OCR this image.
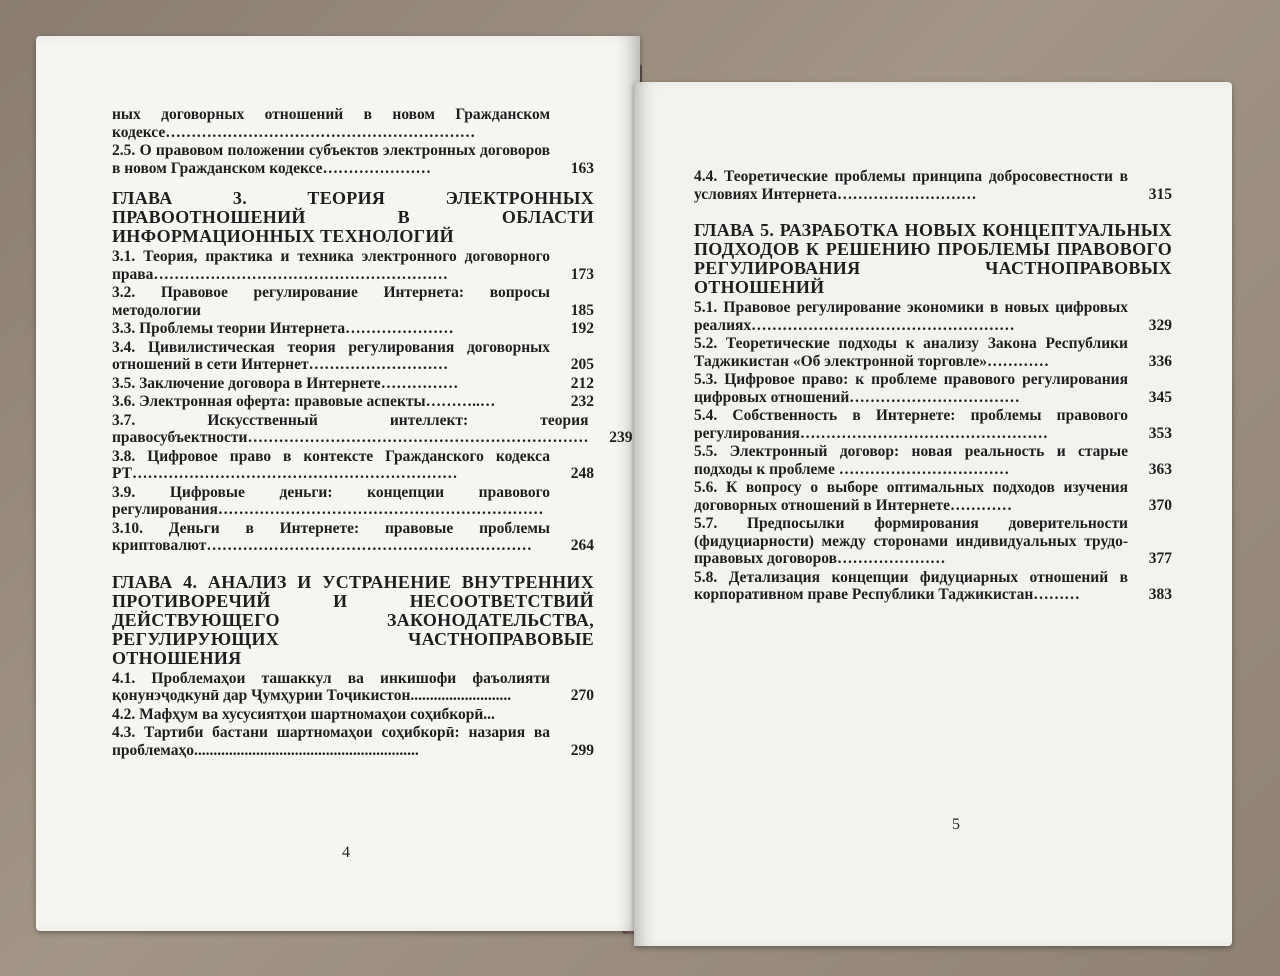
ных договорных отношений в новом Гражданском кодексе……………………………………………………
2.5. О правовом положении субъектов электронных договоров в новом Гражданском кодексе…………………	163
ГЛАВА 3. ТЕОРИЯ ЭЛЕКТРОННЫХ ПРАВООТНОШЕНИЙ В ОБЛАСТИ ИНФОРМАЦИОННЫХ ТЕХНОЛОГИЙ
3.1. Теория, практика и техника электронного договорного права…………………………………………………	173
3.2. Правовое регулирование Интернета: вопросы методологии	185
3.3. Проблемы теории Интернета…………………	192
3.4. Цивилистическая теория регулирования договорных отношений в сети Интернет………………………	205
3.5. Заключение договора в Интернете……………	212
3.6. Электронная оферта: правовые аспекты………..…	232
3.7. Искусственный интеллект: теория правосубъектности…………………………………………………………	239
3.8. Цифровое право в контексте Гражданского кодекса РТ………………………………………………………	248
3.9. Цифровые деньги: концепции правового регулирования………………………………………………………
3.10. Деньги в Интернете: правовые проблемы криптовалют………………………………………………………	264
ГЛАВА 4. АНАЛИЗ И УСТРАНЕНИЕ ВНУТРЕННИХ ПРОТИВОРЕЧИЙ И НЕСООТВЕТСТВИЙ ДЕЙСТВУЮЩЕГО ЗАКОНОДАТЕЛЬСТВА, РЕГУЛИРУЮЩИХ ЧАСТНОПРАВОВЫЕ ОТНОШЕНИЯ
4.1. Проблемаҳои ташаккул ва инкишофи фаъолияти қонунэҷодкунӣ дар Ҷумҳурии Тоҷикистон..........................	270
4.2. Мафҳум ва хусусиятҳои шартномаҳои соҳибкорӣ...
4.3. Тартиби бастани шартномаҳои соҳибкорӣ: назария ва проблемаҳо..........................................................	299
4
4.4. Теоретические проблемы принципа добросовестности в условиях Интернета………………………	315
ГЛАВА 5. РАЗРАБОТКА НОВЫХ КОНЦЕПТУАЛЬНЫХ ПОДХОДОВ К РЕШЕНИЮ ПРОБЛЕМЫ ПРАВОВОГО РЕГУЛИРОВАНИЯ ЧАСТНОПРАВОВЫХ ОТНОШЕНИЙ
5.1. Правовое регулирование экономики в новых цифровых реалиях……………………………………………	329
5.2. Теоретические подходы к анализу Закона Республики Таджикистан «Об электронной торговле»…………	336
5.3. Цифровое право: к проблеме правового регулирования цифровых отношений……………………………	345
5.4. Собственность в Интернете: проблемы правового регулирования…………………………………………	353
5.5. Электронный договор: новая реальность и старые подходы к проблеме ……………………………	363
5.6. К вопросу о выборе оптимальных подходов изучения договорных отношений в Интернете…………	370
5.7. Предпосылки формирования доверительности (фидуциарности) между сторонами индивидуальных трудо-правовых договоров…………………	377
5.8. Детализация концепции фидуциарных отношений в корпоративном праве Республики Таджикистан………	383
5
